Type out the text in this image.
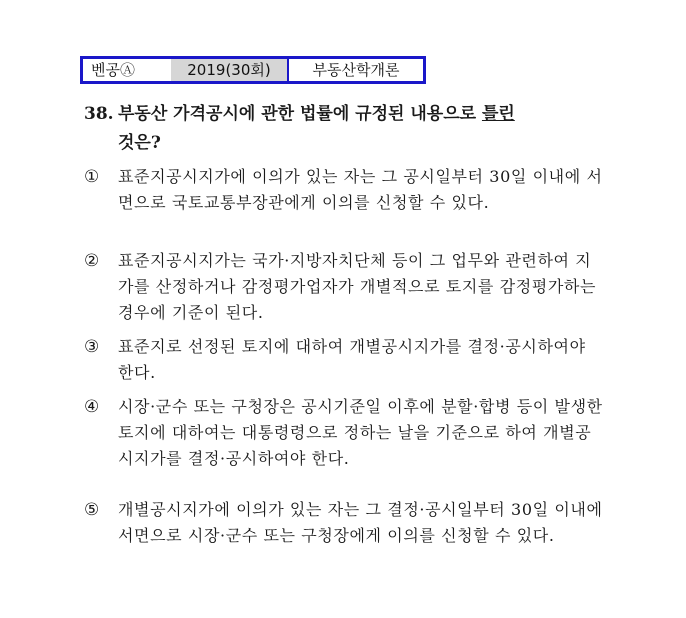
벤공Ⓐ	2019(30회)	부동산학개론
38. 부동산 가격공시에 관한 법률에 규정된 내용으로 틀린
것은?
①	표준지공시지가에 이의가 있는 자는 그 공시일부터 30일 이내에 서면으로 국토교통부장관에게 이의를 신청할 수 있다.
②	표준지공시지가는 국가·지방자치단체 등이 그 업무와 관련하여 지가를 산정하거나 감정평가업자가 개별적으로 토지를 감정평가하는 경우에 기준이 된다.
③	표준지로 선정된 토지에 대하여 개별공시지가를 결정·공시하여야 한다.
④	시장·군수 또는 구청장은 공시기준일 이후에 분할·합병 등이 발생한 토지에 대하여는 대통령령으로 정하는 날을 기준으로 하여 개별공시지가를 결정·공시하여야 한다.
⑤	개별공시지가에 이의가 있는 자는 그 결정·공시일부터 30일 이내에 서면으로 시장·군수 또는 구청장에게 이의를 신청할 수 있다.
